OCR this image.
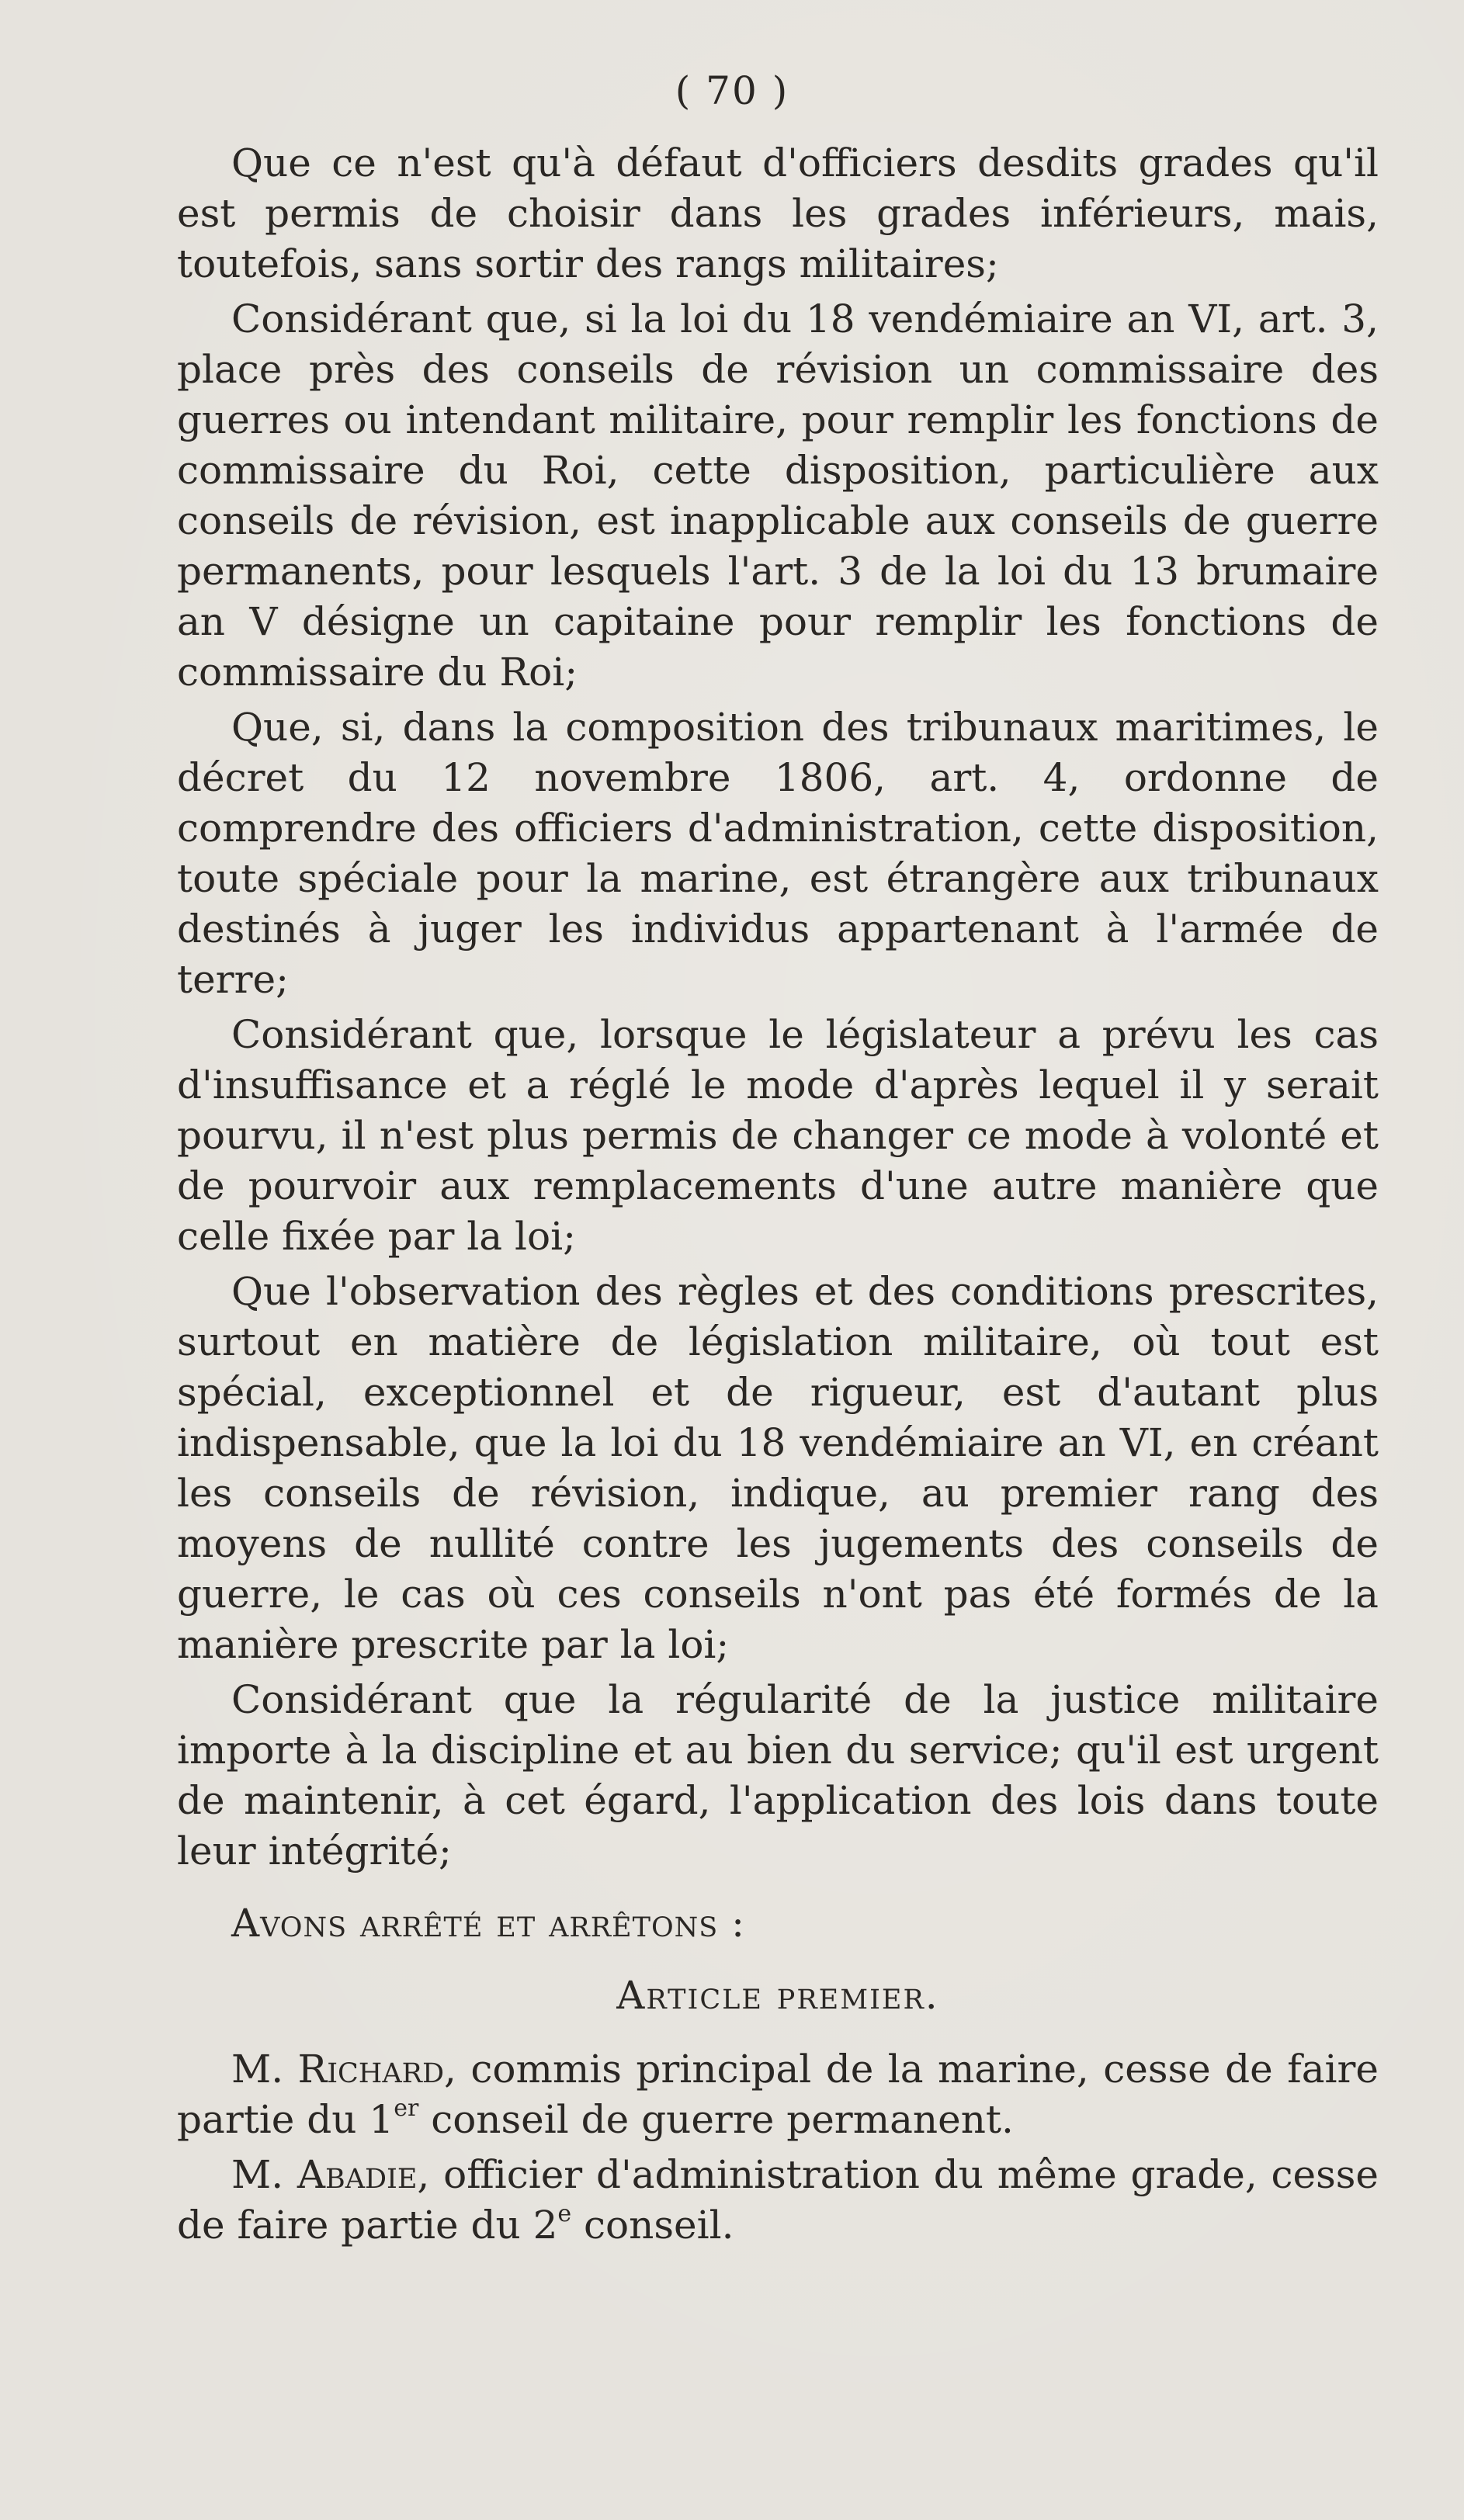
( 70 )

Que ce n'est qu'à défaut d'officiers desdits grades qu'il est permis de choisir dans les grades inférieurs, mais, toutefois, sans sortir des rangs militaires;

Considérant que, si la loi du 18 vendémiaire an VI, art. 3, place près des conseils de révision un commissaire des guerres ou intendant militaire, pour remplir les fonctions de commissaire du Roi, cette disposition, particulière aux conseils de révision, est inapplicable aux conseils de guerre permanents, pour lesquels l'art. 3 de la loi du 13 brumaire an V désigne un capitaine pour remplir les fonctions de commissaire du Roi;

Que, si, dans la composition des tribunaux maritimes, le décret du 12 novembre 1806, art. 4, ordonne de comprendre des officiers d'administration, cette disposition, toute spéciale pour la marine, est étrangère aux tribunaux destinés à juger les individus appartenant à l'armée de terre;

Considérant que, lorsque le législateur a prévu les cas d'insuffisance et a réglé le mode d'après lequel il y serait pourvu, il n'est plus permis de changer ce mode à volonté et de pourvoir aux remplacements d'une autre manière que celle fixée par la loi;

Que l'observation des règles et des conditions prescrites, surtout en matière de législation militaire, où tout est spécial, exceptionnel et de rigueur, est d'autant plus indispensable, que la loi du 18 vendémiaire an VI, en créant les conseils de révision, indique, au premier rang des moyens de nullité contre les jugements des conseils de guerre, le cas où ces conseils n'ont pas été formés de la manière prescrite par la loi;

Considérant que la régularité de la justice militaire importe à la discipline et au bien du service; qu'il est urgent de maintenir, à cet égard, l'application des lois dans toute leur intégrité;

Avons arrêté et arrêtons :

Article premier.

M. Richard, commis principal de la marine, cesse de faire partie du 1er conseil de guerre permanent.

M. Abadie, officier d'administration du même grade, cesse de faire partie du 2e conseil.
